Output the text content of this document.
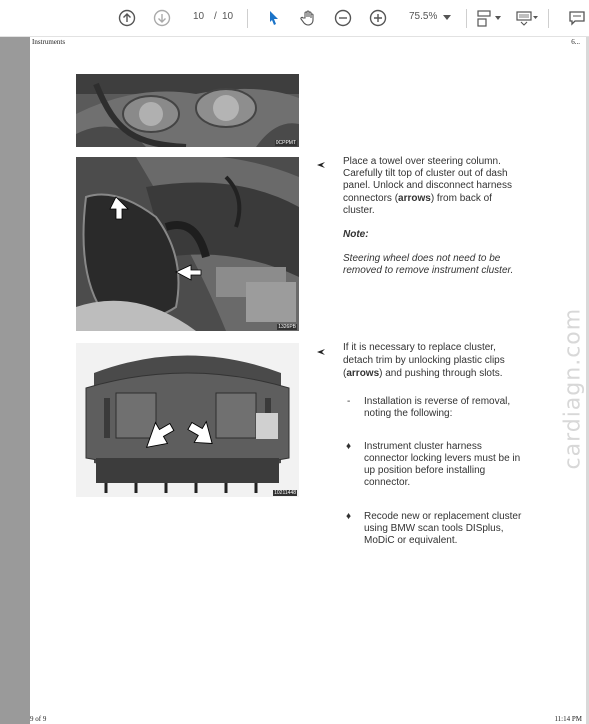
10 / 10	75.5%
Instruments	6...
0CPPMT
1326PB
Place a towel over steering column.
Carefully tilt top of cluster out of dash
panel. Unlock and disconnect harness
connectors (arrows) from back of
cluster.
Note:
Steering wheel does not need to be
removed to remove instrument cluster.
10211448
If it is necessary to replace cluster,
detach trim by unlocking plastic clips
(arrows) and pushing through slots.
- Installation is reverse of removal,
noting the following:
♦ Instrument cluster harness
connector locking levers must be in
up position before installing
connector.
♦ Recode new or replacement cluster
using BMW scan tools DISplus,
MoDiC or equivalent.
9 of 9	11:14 PM
cardiagn.com
